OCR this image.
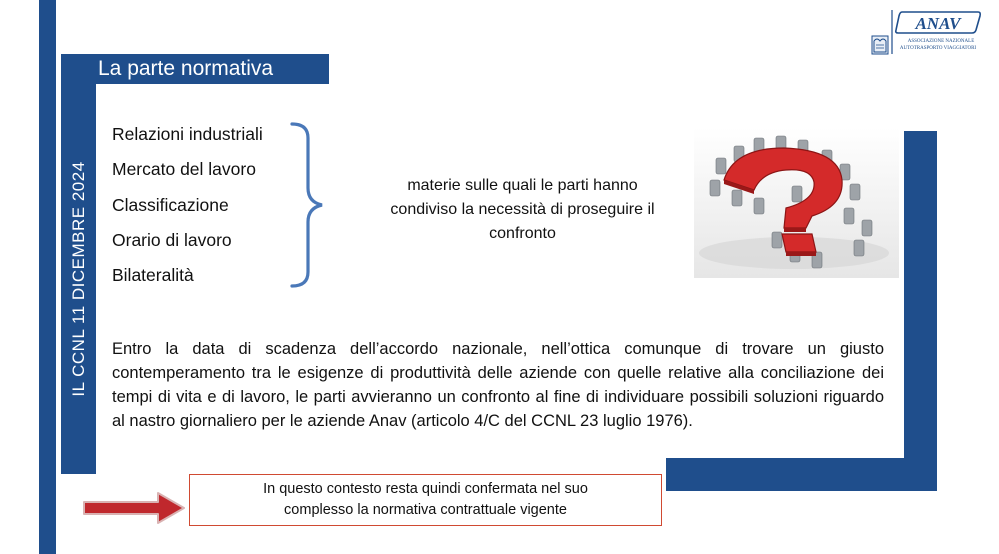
IL CCNL 11 DICEMBRE 2024
La parte normativa
ANAV
ASSOCIAZIONE NAZIONALE
AUTOTRASPORTO VIAGGIATORI
Relazioni industriali
Mercato del lavoro
Classificazione
Orario di lavoro
Bilateralità
materie sulle quali le parti hanno
condiviso la necessità di proseguire il
confronto
Entro la data di scadenza dell’accordo nazionale, nell’ottica comunque di trovare un giusto contemperamento tra le esigenze di produttività delle aziende con quelle relative alla conciliazione dei tempi di vita e di lavoro, le parti avvieranno un confronto al fine di individuare possibili soluzioni riguardo al nastro giornaliero per le aziende Anav (articolo 4/C del CCNL 23 luglio 1976).
In questo contesto resta quindi confermata nel suo
complesso la normativa contrattuale vigente
